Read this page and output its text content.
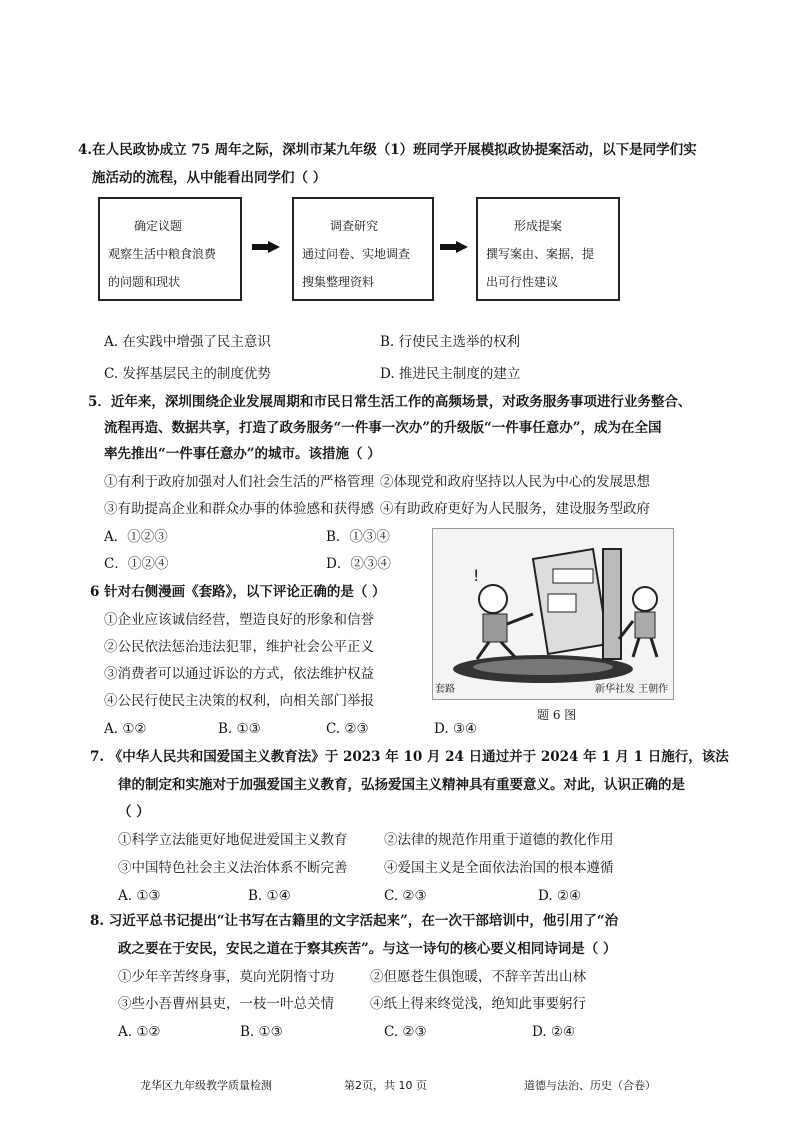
4.在人民政协成立 75 周年之际，深圳市某九年级（1）班同学开展模拟政协提案活动，以下是同学们实
施活动的流程，从中能看出同学们（ ）
确定议题
观察生活中粮食浪费
的问题和现状
调查研究
通过问卷、实地调查
搜集整理资料
形成提案
撰写案由、案据，提
出可行性建议
A. 在实践中增强了民主意识	B. 行使民主选举的权利
C. 发挥基层民主的制度优势	D. 推进民主制度的建立
5．近年来，深圳围绕企业发展周期和市民日常生活工作的高频场景，对政务服务事项进行业务整合、
流程再造、数据共享，打造了政务服务“一件事一次办”的升级版“一件事任意办”，成为在全国
率先推出“一件事任意办”的城市。该措施（ ）
①有利于政府加强对人们社会生活的严格管理 ②体现党和政府坚持以人民为中心的发展思想
③有助提高企业和群众办事的体验感和获得感 ④有助政府更好为人民服务，建设服务型政府
A．①②③	B．①③④
C．①②④	D．②③④
6 针对右侧漫画《套路》，以下评论正确的是（ ）
①企业应该诚信经营，塑造良好的形象和信誉
②公民依法惩治违法犯罪，维护社会公平正义
③消费者可以通过诉讼的方式，依法维护权益
④公民行使民主决策的权利，向相关部门举报
A. ①②	B. ①③	C. ②③	D. ③④
!
套路	新华社发 王朝作
题 6 图
7. 《中华人民共和国爱国主义教育法》于 2023 年 10 月 24 日通过并于 2024 年 1 月 1 日施行，该法
律的制定和实施对于加强爱国主义教育，弘扬爱国主义精神具有重要意义。对此，认识正确的是
（ ）
①科学立法能更好地促进爱国主义教育	②法律的规范作用重于道德的教化作用
③中国特色社会主义法治体系不断完善	④爱国主义是全面依法治国的根本遵循
A. ①③	B. ①④	C. ②③	D. ②④
8. 习近平总书记提出“让书写在古籍里的文字活起来”，在一次干部培训中，他引用了“治
政之要在于安民，安民之道在于察其疾苦”。与这一诗句的核心要义相同诗词是（ ）
①少年辛苦终身事，莫向光阴惰寸功	②但愿苍生俱饱暖，不辞辛苦出山林
③些小吾曹州县吏，一枝一叶总关情	④纸上得来终觉浅，绝知此事要躬行
A. ①②	B. ①③	C. ②③	D. ②④
龙华区九年级教学质量检测	第2页，共 10 页	道德与法治、历史（合卷）
